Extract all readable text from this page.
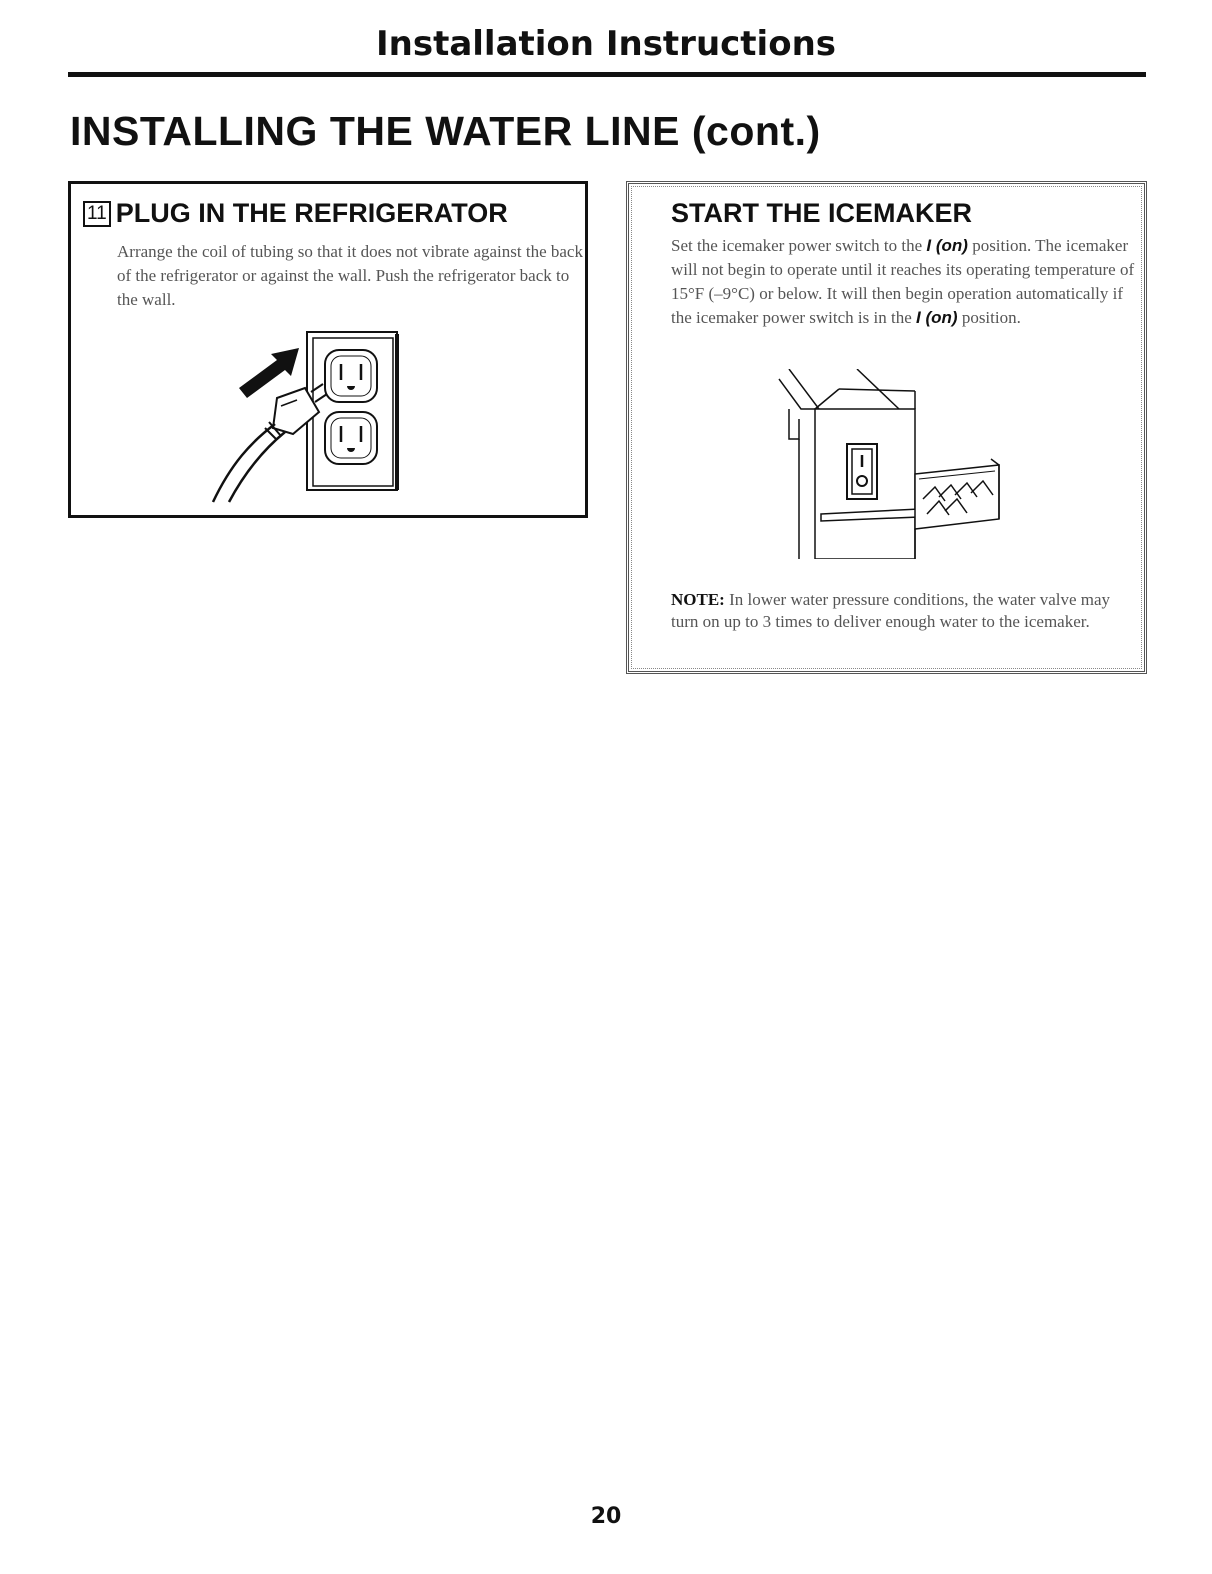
Installation Instructions
INSTALLING THE WATER LINE (cont.)
11 PLUG IN THE REFRIGERATOR

Arrange the coil of tubing so that it does not vibrate against the back of the refrigerator or against the wall. Push the refrigerator back to the wall.

START THE ICEMAKER

Set the icemaker power switch to the I (on) position. The icemaker will not begin to operate until it reaches its operating temperature of 15°F (–9°C) or below. It will then begin operation automatically if the icemaker power switch is in the I (on) position.

NOTE: In lower water pressure conditions, the water valve may turn on up to 3 times to deliver enough water to the icemaker.

20
